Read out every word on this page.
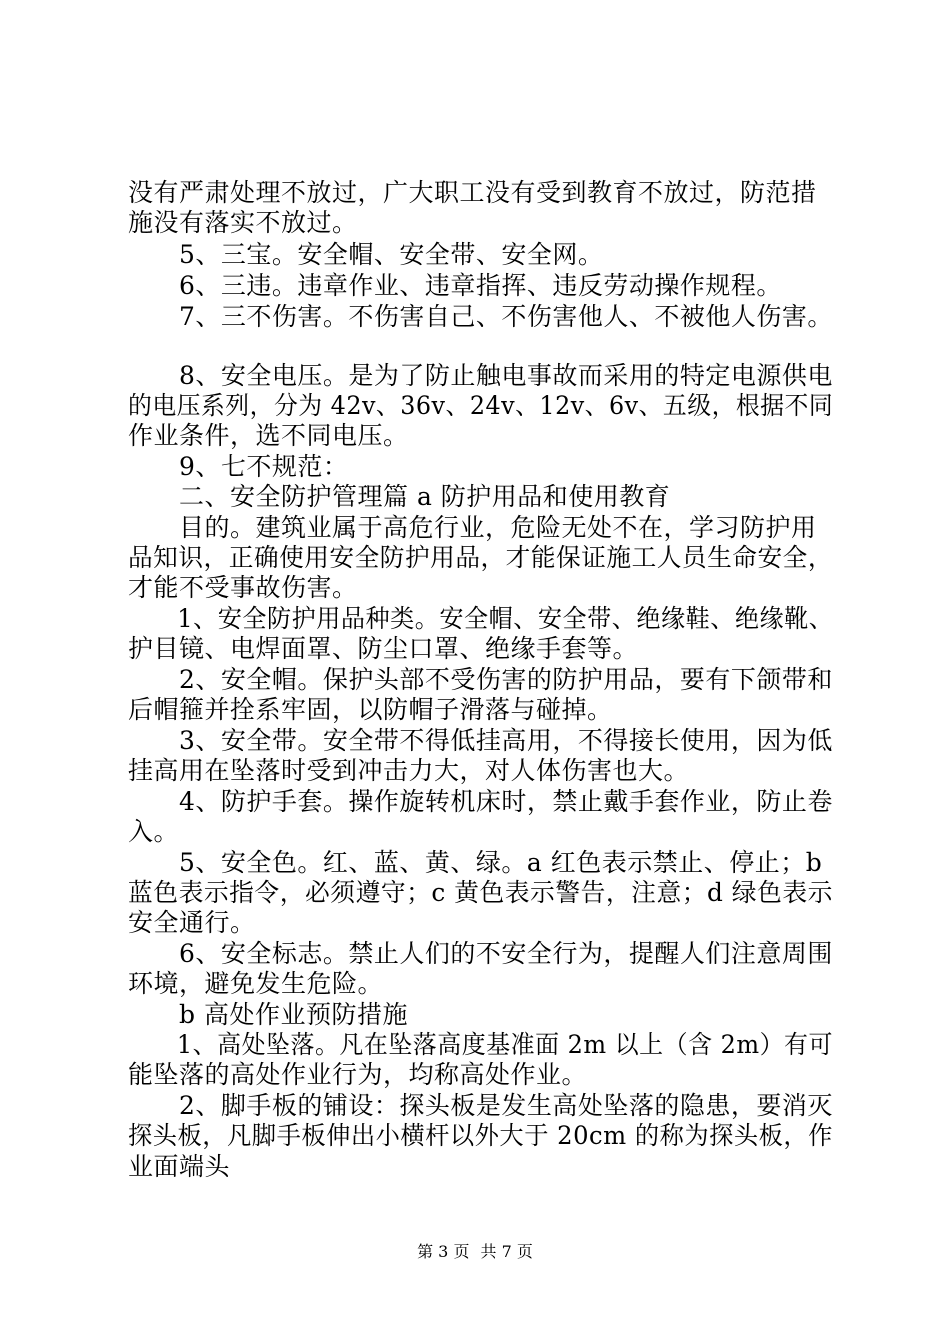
没有严肃处理不放过，广大职工没有受到教育不放过，防范措
施没有落实不放过。
　　5、三宝。安全帽、安全带、安全网。
　　6、三违。违章作业、违章指挥、违反劳动操作规程。
　　7、三不伤害。不伤害自己、不伤害他人、不被他人伤害。
　　8、安全电压。是为了防止触电事故而采用的特定电源供电
的电压系列，分为 42v、36v、24v、12v、6v、五级，根据不同
作业条件，选不同电压。
　　9、七不规范：
　　二、安全防护管理篇 a 防护用品和使用教育
　　目的。建筑业属于高危行业，危险无处不在，学习防护用
品知识，正确使用安全防护用品，才能保证施工人员生命安全，
才能不受事故伤害。
　　1、安全防护用品种类。安全帽、安全带、绝缘鞋、绝缘靴、
护目镜、电焊面罩、防尘口罩、绝缘手套等。
　　2、安全帽。保护头部不受伤害的防护用品，要有下颌带和
后帽箍并拴系牢固，以防帽子滑落与碰掉。
　　3、安全带。安全带不得低挂高用，不得接长使用，因为低
挂高用在坠落时受到冲击力大，对人体伤害也大。
　　4、防护手套。操作旋转机床时，禁止戴手套作业，防止卷
入。
　　5、安全色。红、蓝、黄、绿。a 红色表示禁止、停止；b
蓝色表示指令，必须遵守；c 黄色表示警告，注意；d 绿色表示
安全通行。
　　6、安全标志。禁止人们的不安全行为，提醒人们注意周围
环境，避免发生危险。
　　b 高处作业预防措施
　　1、高处坠落。凡在坠落高度基准面 2m 以上（含 2m）有可
能坠落的高处作业行为，均称高处作业。
　　2、脚手板的铺设：探头板是发生高处坠落的隐患，要消灭
探头板，凡脚手板伸出小横杆以外大于 20cm 的称为探头板，作
业面端头
第 3 页 共 7 页
